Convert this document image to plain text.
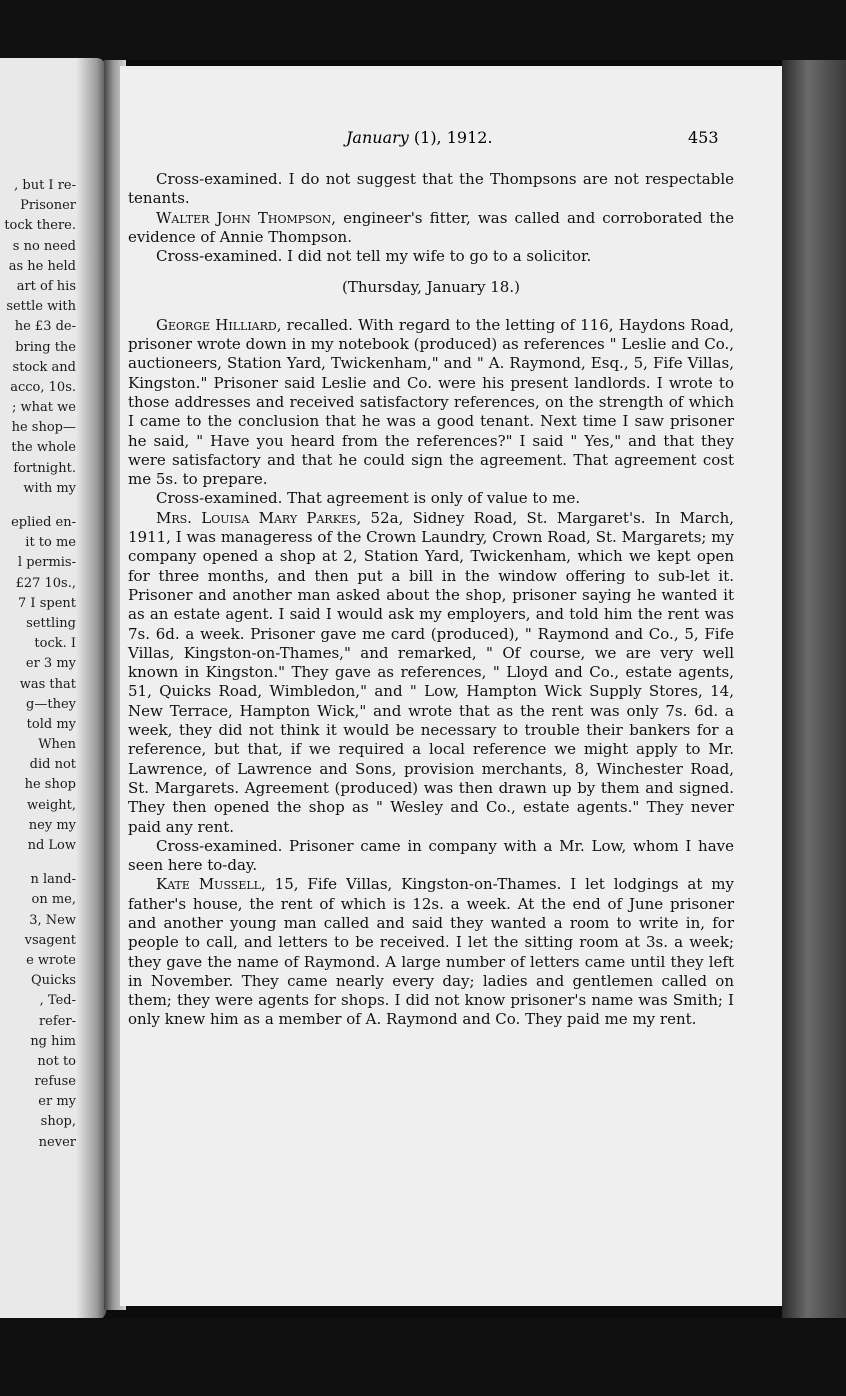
, but I re-
Prisoner
tock there.
s no need
as he held
art of his
settle with
he £3 de-
bring the
stock and
acco, 10s.
; what we
he shop—
the whole
fortnight.
with my
eplied en-
it to me
l permis-
£27 10s.,
7 I spent
settling
tock. I
er 3 my
was that
g—they
told my
When
did not
he shop
weight,
ney my
nd Low
n land-
on me,
3, New
vsagent
e wrote
Quicks
, Ted-
refer-
ng him
not to
refuse
er my
shop,
never
January (1), 1912.	453

Cross-examined. I do not suggest that the Thompsons are not respectable tenants.

Walter John Thompson, engineer's fitter, was called and corroborated the evidence of Annie Thompson.

Cross-examined. I did not tell my wife to go to a solicitor.

(Thursday, January 18.)

George Hilliard, recalled. With regard to the letting of 116, Haydons Road, prisoner wrote down in my notebook (produced) as references " Leslie and Co., auctioneers, Station Yard, Twickenham," and " A. Raymond, Esq., 5, Fife Villas, Kingston." Prisoner said Leslie and Co. were his present landlords. I wrote to those addresses and received satisfactory references, on the strength of which I came to the conclusion that he was a good tenant. Next time I saw prisoner he said, " Have you heard from the references?" I said " Yes," and that they were satisfactory and that he could sign the agreement. That agreement cost me 5s. to prepare.

Cross-examined. That agreement is only of value to me.

Mrs. Louisa Mary Parkes, 52a, Sidney Road, St. Margaret's. In March, 1911, I was manageress of the Crown Laundry, Crown Road, St. Margarets; my company opened a shop at 2, Station Yard, Twickenham, which we kept open for three months, and then put a bill in the window offering to sub-let it. Prisoner and another man asked about the shop, prisoner saying he wanted it as an estate agent. I said I would ask my employers, and told him the rent was 7s. 6d. a week. Prisoner gave me card (produced), " Raymond and Co., 5, Fife Villas, Kingston-on-Thames," and remarked, " Of course, we are very well known in Kingston." They gave as references, " Lloyd and Co., estate agents, 51, Quicks Road, Wimbledon," and " Low, Hampton Wick Supply Stores, 14, New Terrace, Hampton Wick," and wrote that as the rent was only 7s. 6d. a week, they did not think it would be necessary to trouble their bankers for a reference, but that, if we required a local reference we might apply to Mr. Lawrence, of Lawrence and Sons, provision merchants, 8, Winchester Road, St. Margarets. Agreement (produced) was then drawn up by them and signed. They then opened the shop as " Wesley and Co., estate agents." They never paid any rent.

Cross-examined. Prisoner came in company with a Mr. Low, whom I have seen here to-day.

Kate Mussell, 15, Fife Villas, Kingston-on-Thames. I let lodgings at my father's house, the rent of which is 12s. a week. At the end of June prisoner and another young man called and said they wanted a room to write in, for people to call, and letters to be received. I let the sitting room at 3s. a week; they gave the name of Raymond. A large number of letters came until they left in November. They came nearly every day; ladies and gentlemen called on them; they were agents for shops. I did not know prisoner's name was Smith; I only knew him as a member of A. Raymond and Co. They paid me my rent.
